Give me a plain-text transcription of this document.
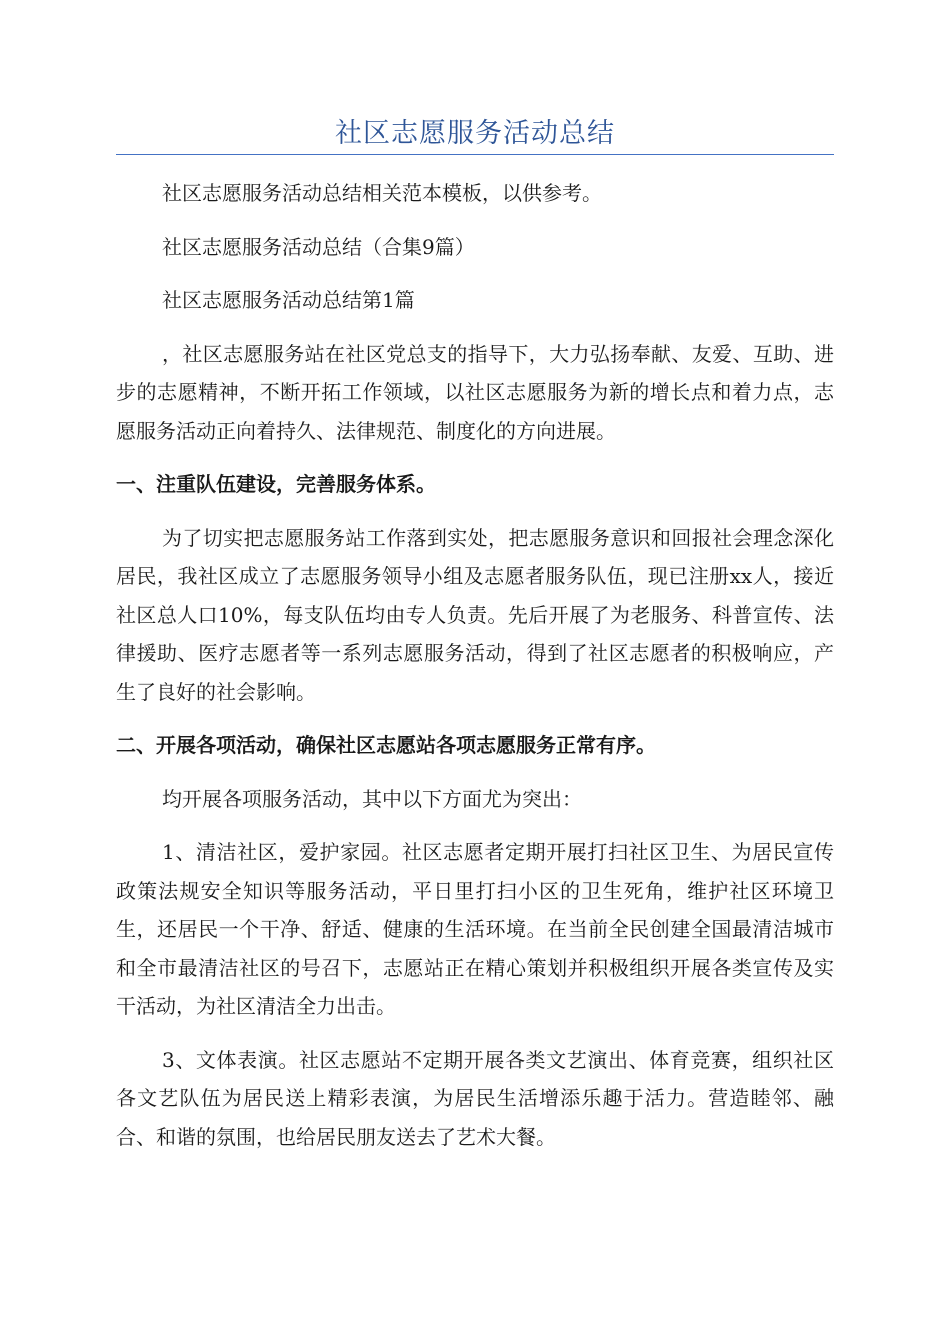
社区志愿服务活动总结

社区志愿服务活动总结相关范本模板，以供参考。

社区志愿服务活动总结（合集9篇）

社区志愿服务活动总结第1篇

，社区志愿服务站在社区党总支的指导下，大力弘扬奉献、友爱、互助、进步的志愿精神，不断开拓工作领域，以社区志愿服务为新的增长点和着力点，志愿服务活动正向着持久、法律规范、制度化的方向进展。

一、注重队伍建设，完善服务体系。

为了切实把志愿服务站工作落到实处，把志愿服务意识和回报社会理念深化居民，我社区成立了志愿服务领导小组及志愿者服务队伍，现已注册xx人，接近社区总人口10%，每支队伍均由专人负责。先后开展了为老服务、科普宣传、法律援助、医疗志愿者等一系列志愿服务活动，得到了社区志愿者的积极响应，产生了良好的社会影响。

二、开展各项活动，确保社区志愿站各项志愿服务正常有序。

均开展各项服务活动，其中以下方面尤为突出：

1、清洁社区，爱护家园。社区志愿者定期开展打扫社区卫生、为居民宣传政策法规安全知识等服务活动，平日里打扫小区的卫生死角，维护社区环境卫生，还居民一个干净、舒适、健康的生活环境。在当前全民创建全国最清洁城市和全市最清洁社区的号召下，志愿站正在精心策划并积极组织开展各类宣传及实干活动，为社区清洁全力出击。

3、文体表演。社区志愿站不定期开展各类文艺演出、体育竞赛，组织社区各文艺队伍为居民送上精彩表演，为居民生活增添乐趣于活力。营造睦邻、融合、和谐的氛围，也给居民朋友送去了艺术大餐。
